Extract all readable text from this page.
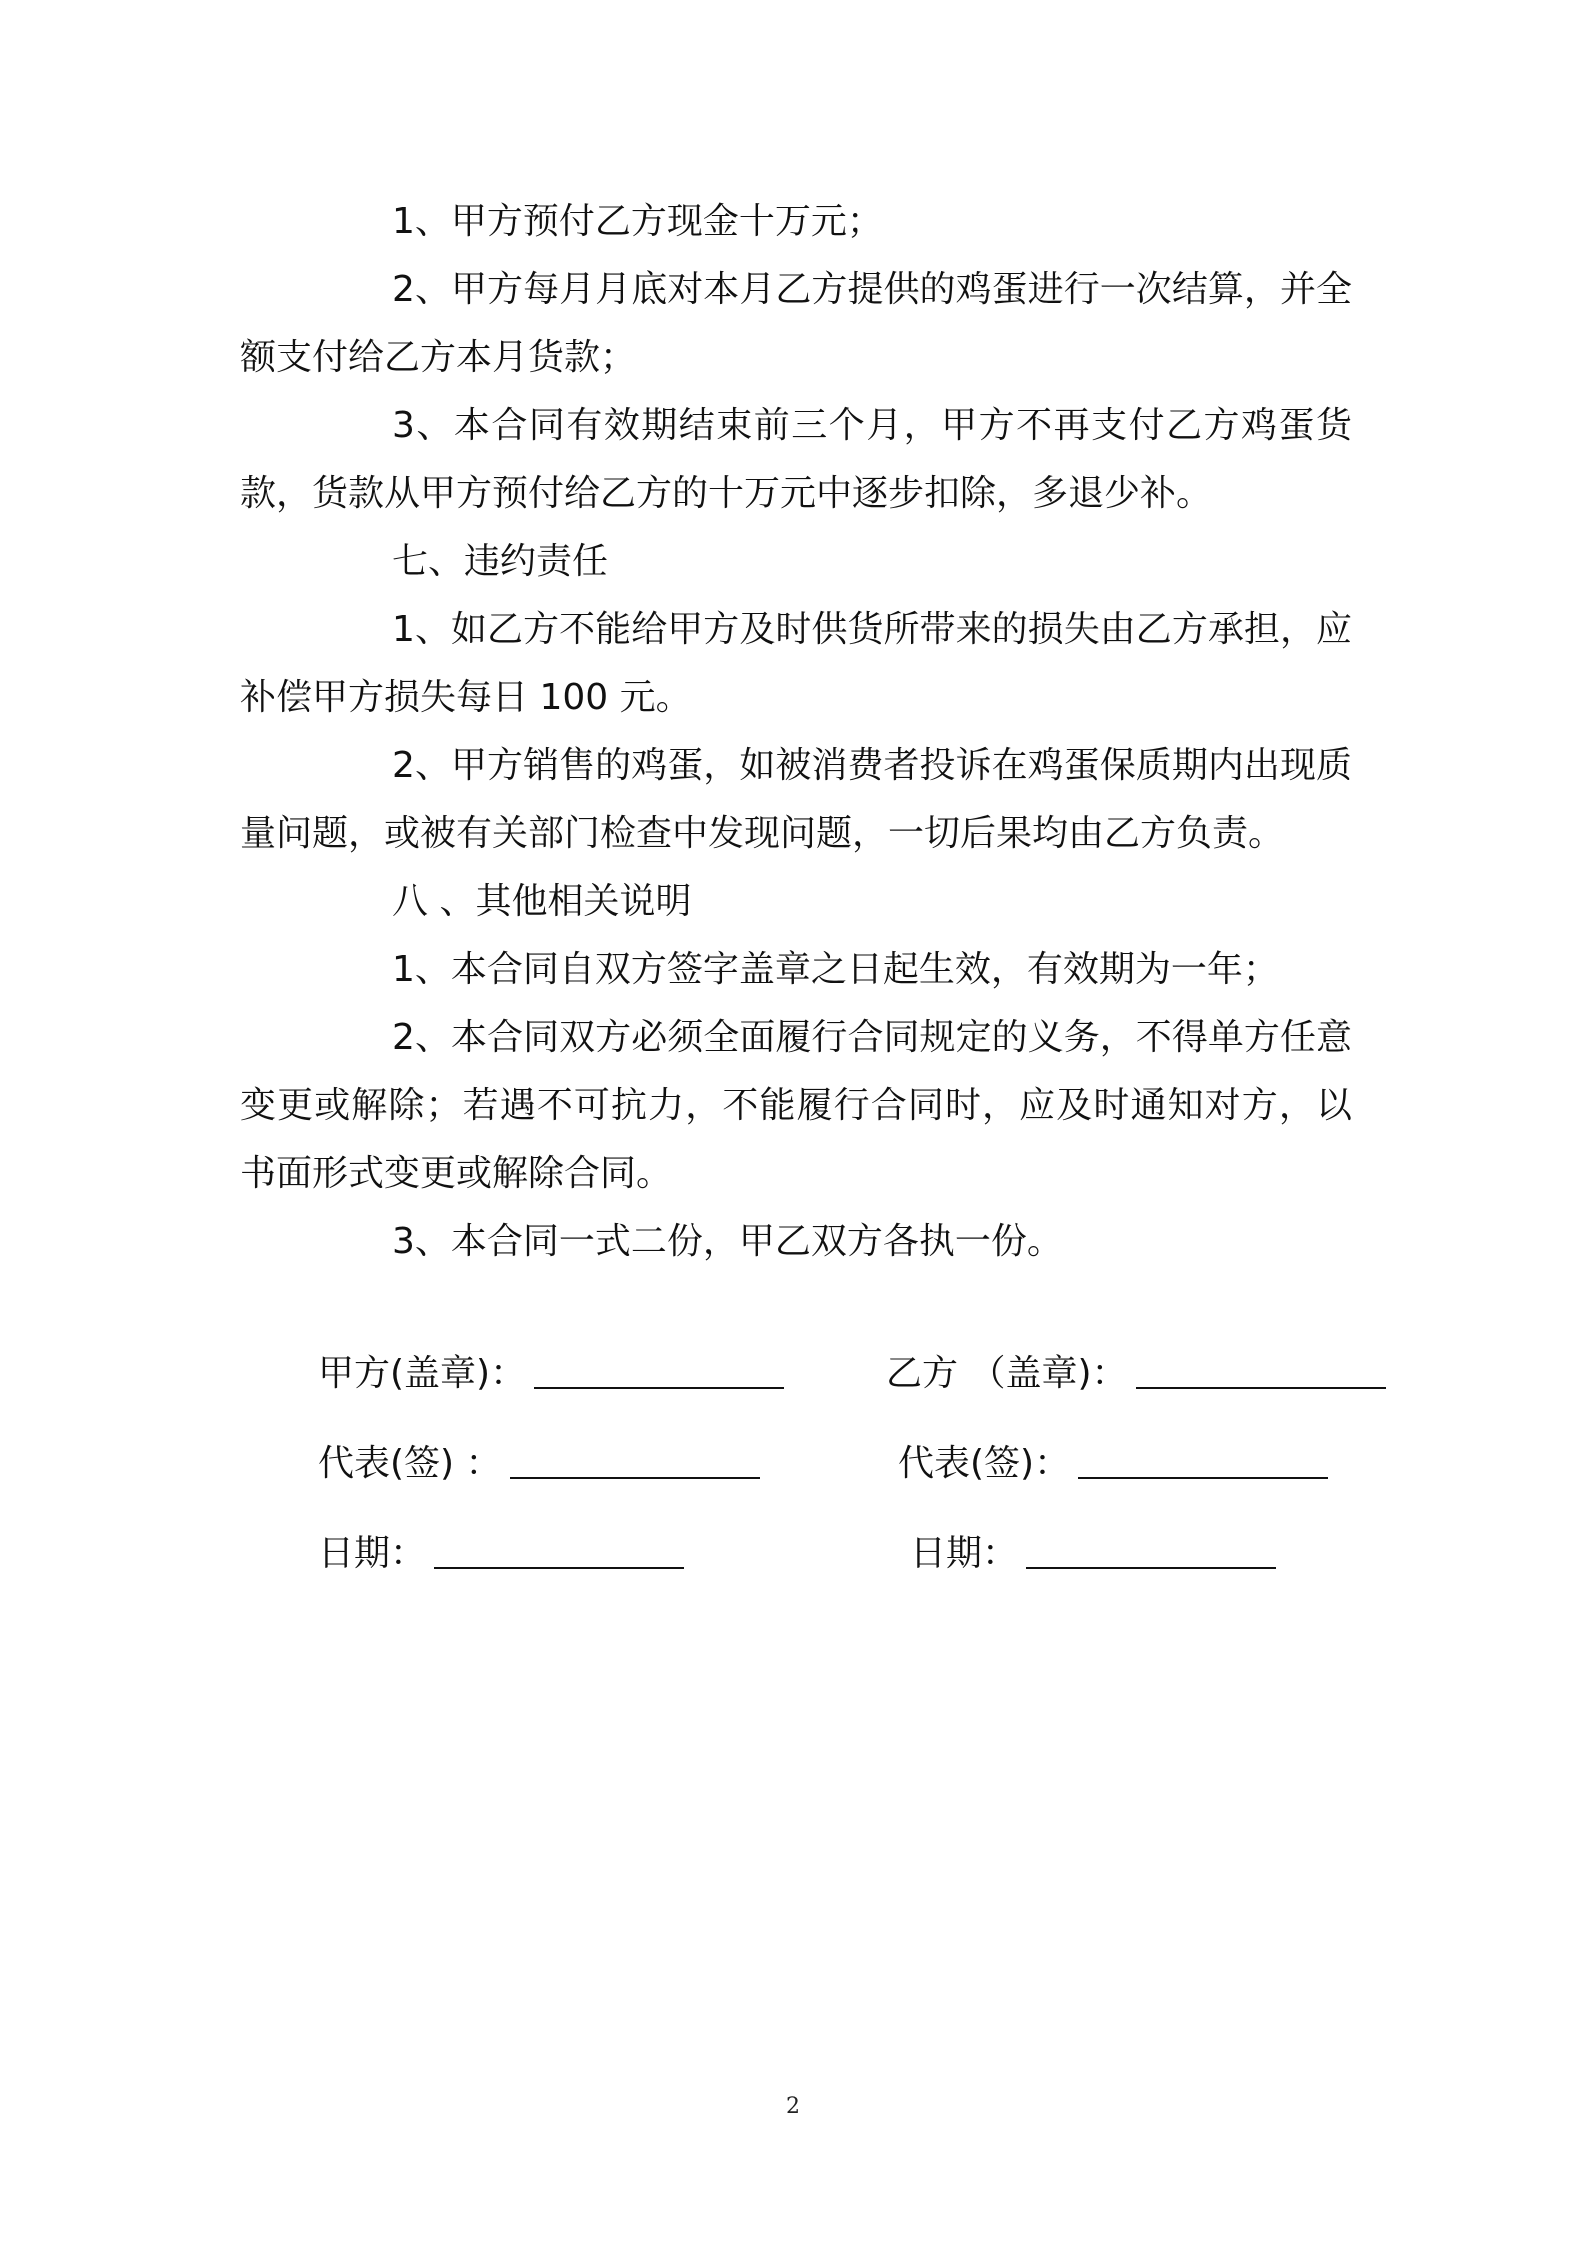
1、甲方预付乙方现金十万元；

2、甲方每月月底对本月乙方提供的鸡蛋进行一次结算，并全额支付给乙方本月货款；

3、本合同有效期结束前三个月，甲方不再支付乙方鸡蛋货款，货款从甲方预付给乙方的十万元中逐步扣除，多退少补。

七、违约责任

1、如乙方不能给甲方及时供货所带来的损失由乙方承担，应补偿甲方损失每日 100 元。

2、甲方销售的鸡蛋，如被消费者投诉在鸡蛋保质期内出现质量问题，或被有关部门检查中发现问题，一切后果均由乙方负责。

八 、其他相关说明

1、本合同自双方签字盖章之日起生效，有效期为一年；

2、本合同双方必须全面履行合同规定的义务，不得单方任意变更或解除；若遇不可抗力，不能履行合同时，应及时通知对方，以书面形式变更或解除合同。

3、本合同一式二份，甲乙双方各执一份。

甲方(盖章)：	乙方 （盖章)：
代表(签) ：	代表(签)：
日期：	日期：
2
